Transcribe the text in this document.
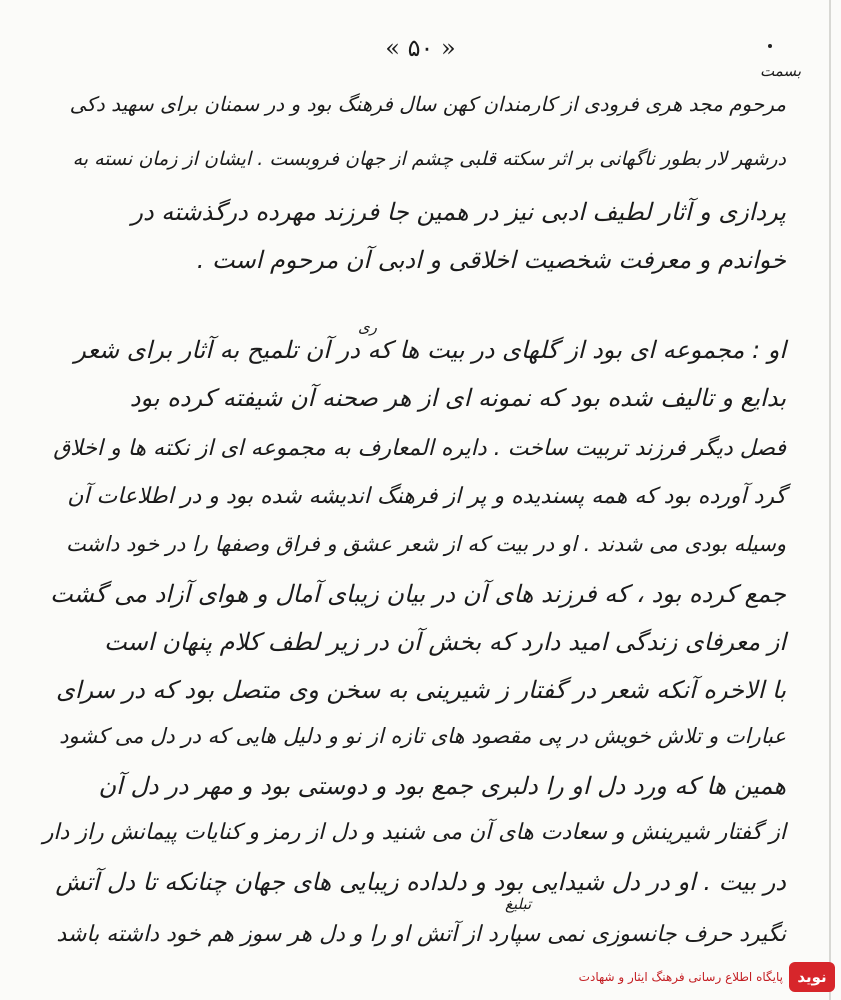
« ۵۰ »
بسمت
ری
تبلیغ
مرحوم مجد هری فرودی از کارمندان کهن سال فرهنگ بود و در سمنان برای سهید دکی
درشهر لار بطور ناگهانی بر اثر سکته قلبی چشم از جهان فروبست . ایشان از زمان نسته به
پردازی و آثار لطیف ادبی نیز در همین جا فرزند مهرده درگذشته در
خواندم و معرفت شخصیت اخلاقی و ادبی آن مرحوم است .
او : مجموعه ای بود از گلهای در بیت ها که در آن تلمیح به آثار برای شعر
بدایع و تالیف شده بود که نمونه ای از هر صحنه آن شیفته کرده بود
فصل دیگر فرزند تربیت ساخت . دایره المعارف به مجموعه ای از نکته ها و اخلاق
گرد آورده بود که همه پسندیده و پر از فرهنگ اندیشه شده بود و در اطلاعات آن
وسیله بودی می شدند . او در بیت که از شعر عشق و فراق وصفها را در خود داشت
جمع کرده بود ، که فرزند های آن در بیان زیبای آمال و هوای آزاد می گشت
از معرفای زندگی امید دارد که بخش آن در زیر لطف کلام پنهان است
با الاخره آنکه شعر در گفتار ز شیرینی به سخن وی متصل بود که در سرای
عبارات و تلاش خویش در پی مقصود های تازه از نو و دلیل هایی که در دل می کشود
همین ها که ورد دل او را دلبری جمع بود و دوستی بود و مهر در دل آن
از گفتار شیرینش و سعادت های آن می شنید و دل از رمز و کنایات پیمانش راز دار
در بیت . او در دل شیدایی بود و دلداده زیبایی های جهان چنانکه تا دل آتش
نگیرد حرف جانسوزی نمی سپارد از آتش او را و دل هر سوز هم خود داشته باشد
نوید
پایگاه اطلاع رسانی فرهنگ ایثار و شهادت
